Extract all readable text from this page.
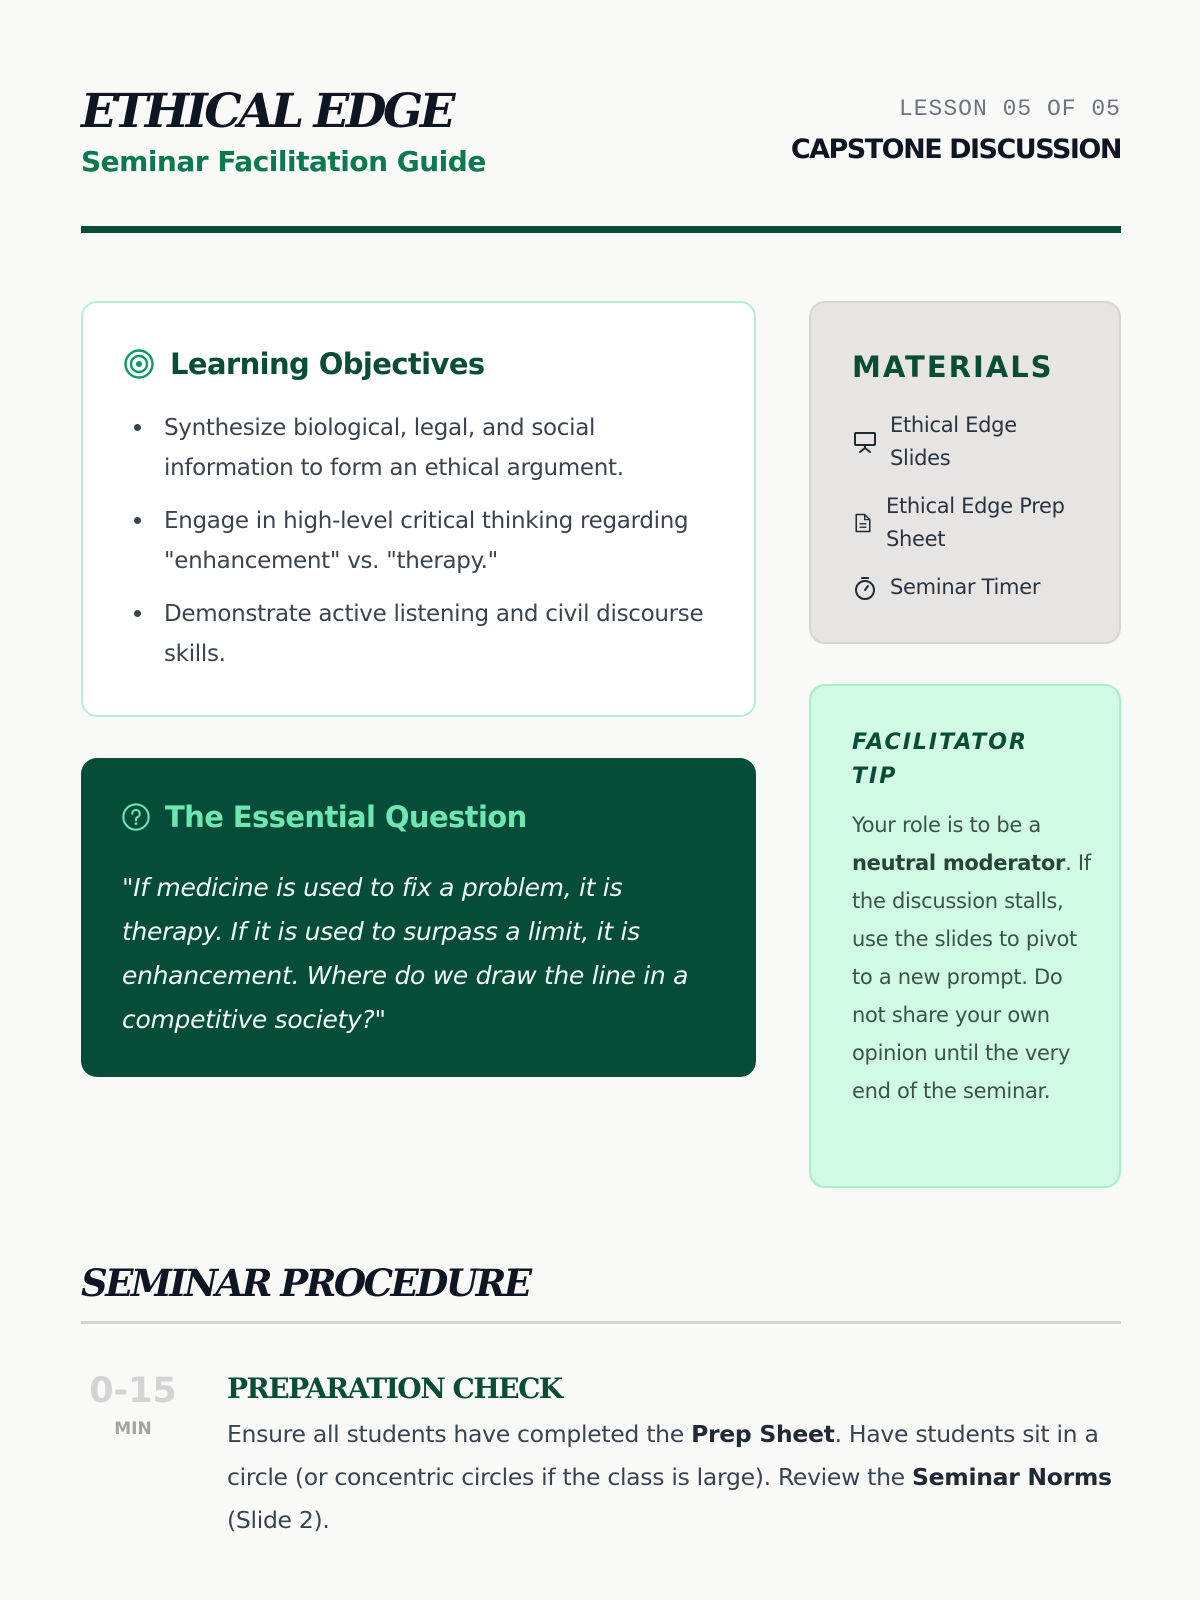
ETHICAL EDGE
Seminar Facilitation Guide
LESSON 05 OF 05
CAPSTONE DISCUSSION
Learning Objectives
Synthesize biological, legal, and social information to form an ethical argument.
Engage in high-level critical thinking regarding "enhancement" vs. "therapy."
Demonstrate active listening and civil discourse skills.
The Essential Question

"If medicine is used to fix a problem, it is therapy. If it is used to surpass a limit, it is enhancement. Where do we draw the line in a competitive society?"

MATERIALS
Ethical Edge Slides
Ethical Edge Prep Sheet
Seminar Timer
FACILITATOR TIP

Your role is to be a neutral moderator. If the discussion stalls, use the slides to pivot to a new prompt. Do not share your own opinion until the very end of the seminar.

SEMINAR PROCEDURE
0-15
MIN
PREPARATION CHECK

Ensure all students have completed the Prep Sheet. Have students sit in a circle (or concentric circles if the class is large). Review the Seminar Norms (Slide 2).
